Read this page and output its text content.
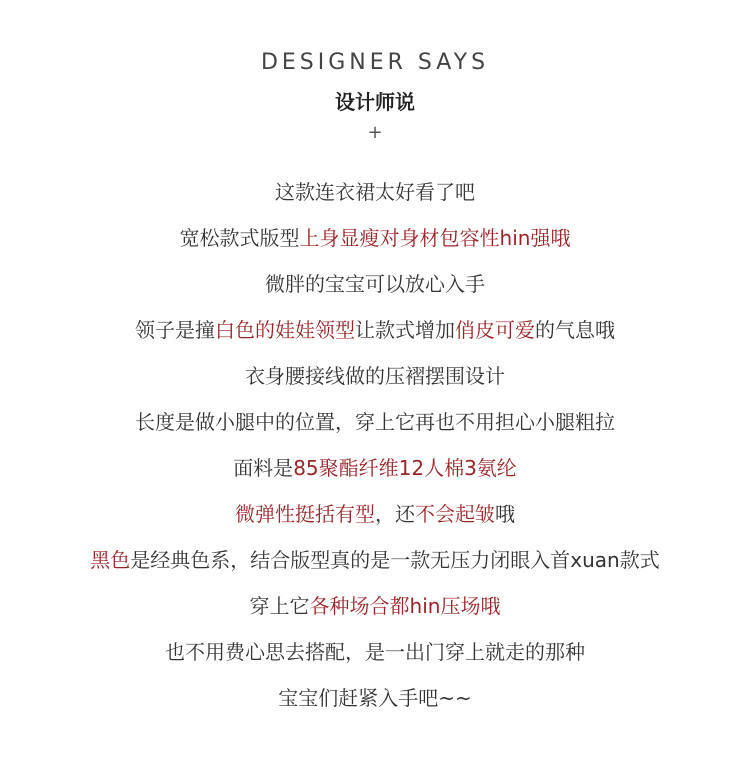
DESIGNER SAYS
设计师说
+
这款连衣裙太好看了吧
宽松款式版型上身显瘦对身材包容性hin强哦
微胖的宝宝可以放心入手
领子是撞白色的娃娃领型让款式增加俏皮可爱的气息哦
衣身腰接线做的压褶摆围设计
长度是做小腿中的位置，穿上它再也不用担心小腿粗拉
面料是85聚酯纤维12人棉3氨纶
微弹性挺括有型，还不会起皱哦
黑色是经典色系，结合版型真的是一款无压力闭眼入首xuan款式
穿上它各种场合都hin压场哦
也不用费心思去搭配，是一出门穿上就走的那种
宝宝们赶紧入手吧~~
